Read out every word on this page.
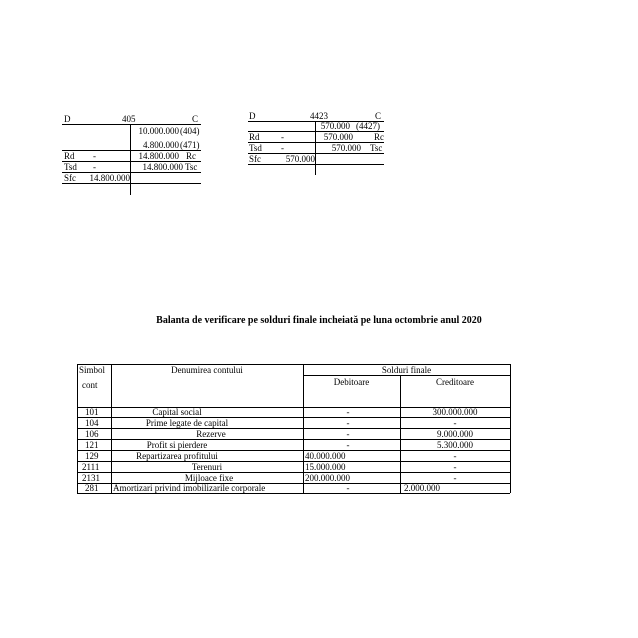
D	405	C
10.000.000 (404)
4.800.000 (471)
Rd -	14.800.000 Rc
Tsd -	14.800.000 Tsc
Sfc	14.800.000
D	4423	C
570.000 (4427)
Rd -	570.000 Rc
Tsd -	570.000 Tsc
Sfc	570.000
Balanta de verificare pe solduri finale incheiată pe luna octombrie anul 2020
Simbol
cont
Denumirea contului	Solduri finale
Debitoare	Creditoare
101	Capital social	-	300.000.000
104	Prime legate de capital	-	-
106	Rezerve	-	9.000.000
121	Profit si pierdere	-	5.300.000
129	Repartizarea profitului	40.000.000	-
2111	Terenuri	15.000.000	-
2131	Mijloace fixe	200.000.000	-
281 Amortizari privind imobilizarile corporale	-	2.000.000
